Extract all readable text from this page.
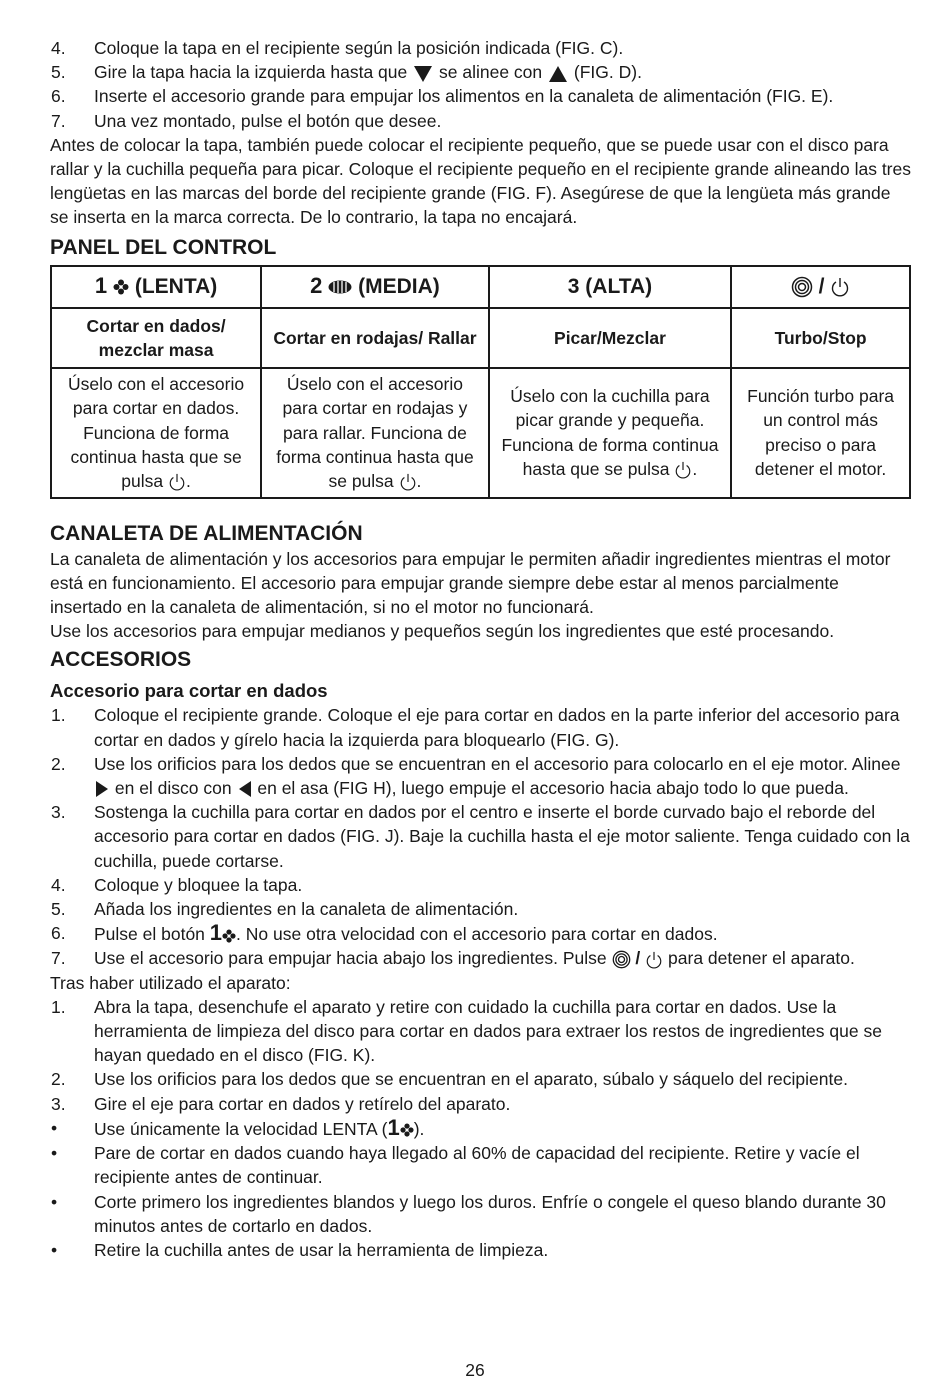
4.	Coloque la tapa en el recipiente según la posición indicada (FIG. C).
5.	Gire la tapa hacia la izquierda hasta que se alinee con (FIG. D).
6.	Inserte el accesorio grande para empujar los alimentos en la canaleta de alimentación (FIG. E).
7.	Una vez montado, pulse el botón que desee.

Antes de colocar la tapa, también puede colocar el recipiente pequeño, que se puede usar con el disco para rallar y la cuchilla pequeña para picar. Coloque el recipiente pequeño en el recipiente grande alineando las tres lengüetas en las marcas del borde del recipiente grande (FIG. F). Asegúrese de que la lengüeta más grande se inserta en la marca correcta. De lo contrario, la tapa no encajará.

PANEL DEL CONTROL
1 (LENTA)	2 (MEDIA)	3 (ALTA)	/
Cortar en dados/ mezclar masa	Cortar en rodajas/ Rallar	Picar/Mezclar	Turbo/Stop
Úselo con el accesorio para cortar en dados. Funciona de forma continua hasta que se pulsa .	Úselo con el accesorio para cortar en rodajas y para rallar. Funciona de forma continua hasta que se pulsa .	Úselo con la cuchilla para picar grande y pequeña. Funciona de forma continua hasta que se pulsa .	Función turbo para un control más preciso o para detener el motor.
CANALETA DE ALIMENTACIÓN

La canaleta de alimentación y los accesorios para empujar le permiten añadir ingredientes mientras el motor está en funcionamiento. El accesorio para empujar grande siempre debe estar al menos parcialmente insertado en la canaleta de alimentación, si no el motor no funcionará.

Use los accesorios para empujar medianos y pequeños según los ingredientes que esté procesando.

ACCESORIOS
Accesorio para cortar en dados
1.	Coloque el recipiente grande. Coloque el eje para cortar en dados en la parte inferior del accesorio para cortar en dados y gírelo hacia la izquierda para bloquearlo (FIG. G).
2.	Use los orificios para los dedos que se encuentran en el accesorio para colocarlo en el eje motor. Alinee  en el disco con en el asa (FIG H), luego empuje el accesorio hacia abajo todo lo que pueda.
3.	Sostenga la cuchilla para cortar en dados por el centro e inserte el borde curvado bajo el reborde del accesorio para cortar en dados (FIG. J). Baje la cuchilla hasta el eje motor saliente. Tenga cuidado con la cuchilla, puede cortarse.
4.	Coloque y bloquee la tapa.
5.	Añada los ingredientes en la canaleta de alimentación.
6.	Pulse el botón 1 . No use otra velocidad con el accesorio para cortar en dados.
7.	Use el accesorio para empujar hacia abajo los ingredientes. Pulse / para detener el aparato.

Tras haber utilizado el aparato:

1.	Abra la tapa, desenchufe el aparato y retire con cuidado la cuchilla para cortar en dados. Use la herramienta de limpieza del disco para cortar en dados para extraer los restos de ingredientes que se hayan quedado en el disco (FIG. K).
2.	Use los orificios para los dedos que se encuentran en el aparato, súbalo y sáquelo del recipiente.
3.	Gire el eje para cortar en dados y retírelo del aparato.
•	Use únicamente la velocidad LENTA (1 ).
•	Pare de cortar en dados cuando haya llegado al 60% de capacidad del recipiente. Retire y vacíe el recipiente antes de continuar.
•	Corte primero los ingredientes blandos y luego los duros. Enfríe o congele el queso blando durante 30 minutos antes de cortarlo en dados.
•	Retire la cuchilla antes de usar la herramienta de limpieza.
26
